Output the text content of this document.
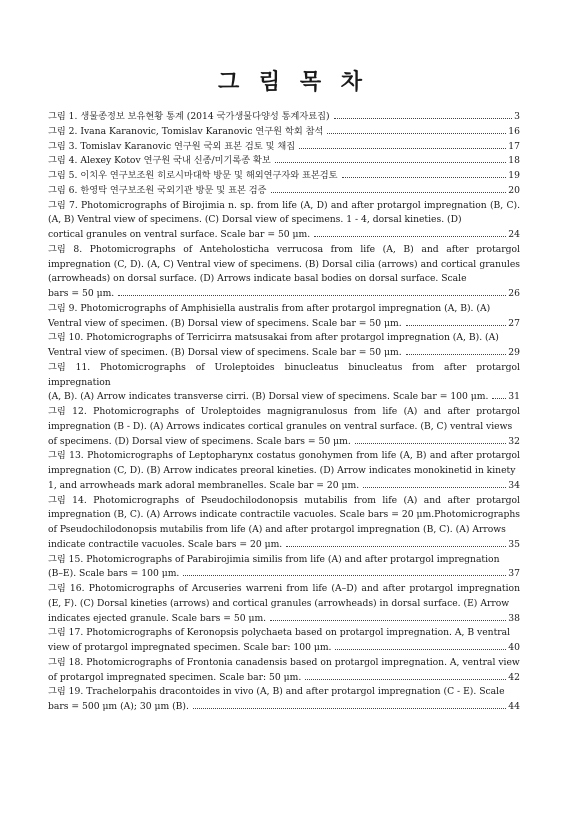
그 림 목 차
그림 1. 생물종정보 보유현황 통계 (2014 국가생물다양성 통계자료집)	3
그림 2. Ivana Karanovic, Tomislav Karanovic 연구원 학회 참석	16
그림 3. Tomislav Karanovic 연구원 국외 표본 검토 및 채집	17
그림 4. Alexey Kotov 연구원 국내 신종/미기록종 확보	18
그림 5. 이치우 연구보조원 히로시마대학 방문 및 해외연구자와 표본검토	19
그림 6. 한영탁 연구보조원 국외기관 방문 및 표본 검증	20
그림 7. Photomicrographs of Birojimia n. sp. from life (A, D) and after protargol impregnation (B, C). (A, B) Ventral view of specimens. (C) Dorsal view of specimens. 1 - 4, dorsal kineties. (D)
cortical granules on ventral surface. Scale bar = 50 μm.	24
그림 8. Photomicrographs of Anteholosticha verrucosa from life (A, B) and after protargol impregnation (C, D). (A, C) Ventral view of specimens. (B) Dorsal cilia (arrows) and cortical granules (arrowheads) on dorsal surface. (D) Arrows indicate basal bodies on dorsal surface. Scale
bars = 50 μm.	26
그림 9. Photomicrographs of Amphisiella australis from after protargol impregnation (A, B). (A)
Ventral view of specimen. (B) Dorsal view of specimens. Scale bar = 50 μm.	27
그림 10. Photomicrographs of Terricirra matsusakai from after protargol impregnation (A, B). (A)
Ventral view of specimen. (B) Dorsal view of specimens. Scale bar = 50 μm.	29
그림 11. Photomicrographs of Uroleptoides binucleatus binucleatus from after protargol impregnation
(A, B). (A) Arrow indicates transverse cirri. (B) Dorsal view of specimens. Scale bar = 100 μm. 31
그림 12. Photomicrographs of Uroleptoides magnigranulosus from life (A) and after protargol impregnation (B - D). (A) Arrows indicates cortical granules on ventral surface. (B, C) ventral views
of specimens. (D) Dorsal view of specimens. Scale bars = 50 μm.	32
그림 13. Photomicrographs of Leptopharynx costatus gonohymen from life (A, B) and after protargol impregnation (C, D). (B) Arrow indicates preoral kineties. (D) Arrow indicates monokinetid in kinety
1, and arrowheads mark adoral membranelles. Scale bar = 20 μm.	34
그림 14. Photomicrographs of Pseudochilodonopsis mutabilis from life (A) and after protargol impregnation (B, C). (A) Arrows indicate contractile vacuoles. Scale bars = 20 μm.Photomicrographs of Pseudochilodonopsis mutabilis from life (A) and after protargol impregnation (B, C). (A) Arrows
indicate contractile vacuoles. Scale bars = 20 μm.	35
그림 15. Photomicrographs of Parabirojimia similis from life (A) and after protargol impregnation
(B–E). Scale bars = 100 μm.	37
그림 16. Photomicrographs of Arcuseries warreni from life (A–D) and after protargol impregnation (E, F). (C) Dorsal kineties (arrows) and cortical granules (arrowheads) in dorsal surface. (E) Arrow
indicates ejected granule. Scale bars = 50 μm.	38
그림 17. Photomicrographs of Keronopsis polychaeta based on protargol impregnation. A, B ventral
view of protargol impregnated specimen. Scale bar: 100 μm.	40
그림 18. Photomicrographs of Frontonia canadensis based on protargol impregnation. A, ventral view
of protargol impregnated specimen. Scale bar: 50 μm.	42
그림 19. Trachelorpahis dracontoides in vivo (A, B) and after protargol impregnation (C - E). Scale
bars = 500 μm (A); 30 μm (B).	44
